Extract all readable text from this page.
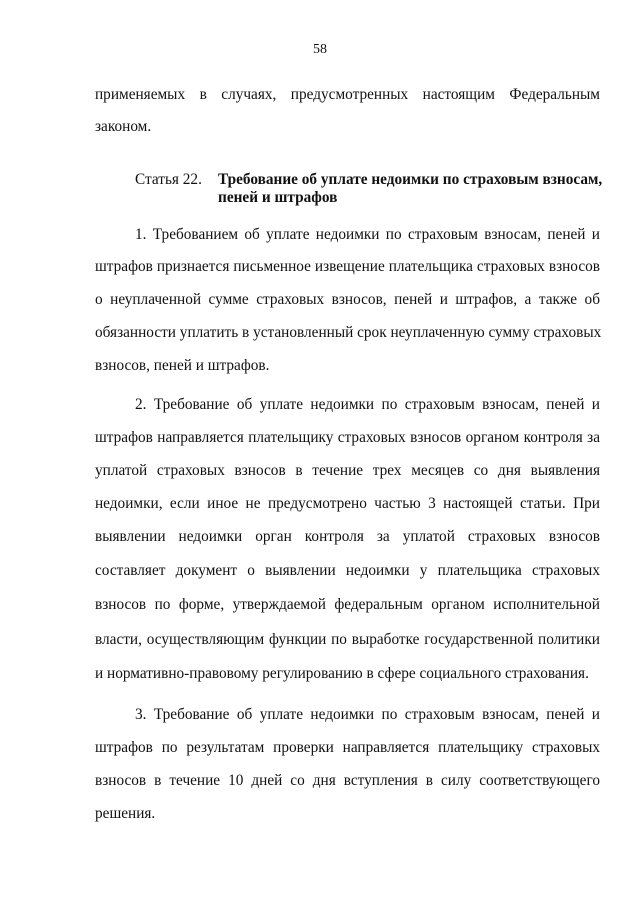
58
применяемых в случаях, предусмотренных настоящим Федеральным
законом.
Статья 22. Требование об уплате недоимки по страховым взносам,
пеней и штрафов
1. Требованием об уплате недоимки по страховым взносам, пеней и
штрафов признается письменное извещение плательщика страховых взносов
о неуплаченной сумме страховых взносов, пеней и штрафов, а также об
обязанности уплатить в установленный срок неуплаченную сумму страховых
взносов, пеней и штрафов.
2. Требование об уплате недоимки по страховым взносам, пеней и
штрафов направляется плательщику страховых взносов органом контроля за
уплатой страховых взносов в течение трех месяцев со дня выявления
недоимки, если иное не предусмотрено частью 3 настоящей статьи. При
выявлении недоимки орган контроля за уплатой страховых взносов
составляет документ о выявлении недоимки у плательщика страховых
взносов по форме, утверждаемой федеральным органом исполнительной
власти, осуществляющим функции по выработке государственной политики
и нормативно-правовому регулированию в сфере социального страхования.
3. Требование об уплате недоимки по страховым взносам, пеней и
штрафов по результатам проверки направляется плательщику страховых
взносов в течение 10 дней со дня вступления в силу соответствующего
решения.
